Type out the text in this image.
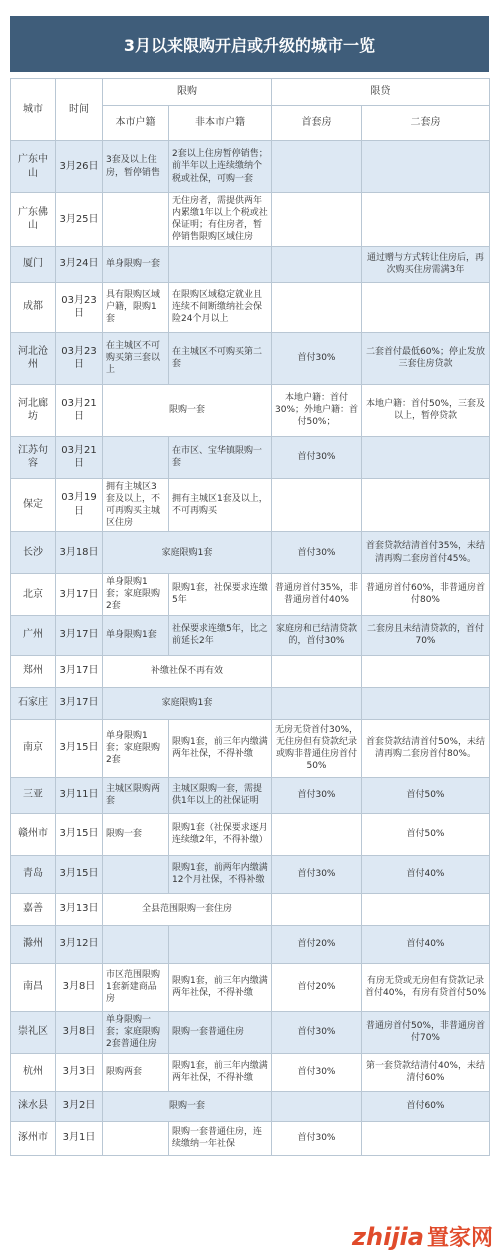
3月以来限购开启或升级的城市一览
城市	时间	限购		限贷	
		本市户籍	非本市户籍	首套房	二套房
广东中山	3月26日	3套及以上住房，暂停销售	2套以上住房暂停销售；前半年以上连续缴纳个税或社保，可购一套		
广东佛山	3月25日		无住房者，需提供两年内累缴1年以上个税或社保证明；有住房者，暂停销售限购区域住房		
厦门	3月24日	单身限购一套			通过赠与方式转让住房后，再次购买住房需满3年
成都	03月23日	具有限购区域户籍，限购1套	在限购区域稳定就业且连续不间断缴纳社会保险24个月以上		
河北沧州	03月23日	在主城区不可购买第三套以上	在主城区不可购买第二套	首付30%	二套首付最低60%；停止发放三套住房贷款
河北廊坊	03月21日	限购一套		本地户籍：首付30%；外地户籍：首付50%；	本地户籍：首付50%，三套及以上，暂停贷款
江苏句容	03月21日		在市区、宝华镇限购一套	首付30%	
保定	03月19日	拥有主城区3套及以上，不可再购买主城区住房	拥有主城区1套及以上，不可再购买		
长沙	3月18日	家庭限购1套		首付30%	首套贷款结清首付35%，未结清再购二套房首付45%。
北京	3月17日	单身限购1套；家庭限购2套	限购1套，社保要求连缴5年	普通房首付35%，非普通房首付40%	普通房首付60%，非普通房首付80%
广州	3月17日	单身限购1套	社保要求连缴5年，比之前延长2年	家庭房和已结清贷款的，首付30%	二套房且未结清贷款的，首付70%
郑州	3月17日	补缴社保不再有效			
石家庄	3月17日	家庭限购1套			
南京	3月15日	单身限购1套；家庭限购2套	限购1套，前三年内缴满两年社保，不得补缴	无房无贷首付30%，无住房但有贷款纪录或购非普通住房首付50%	首套贷款结清首付50%，未结清再购二套房首付80%。
三亚	3月11日	主城区限购两套	主城区限购一套，需提供1年以上的社保证明	首付30%	首付50%
赣州市	3月15日	限购一套	限购1套（社保要求逐月连续缴2年，不得补缴）		首付50%
青岛	3月15日		限购1套，前两年内缴满12个月社保，不得补缴	首付30%	首付40%
嘉善	3月13日	全县范围限购一套住房			
滁州	3月12日			首付20%	首付40%
南昌	3月8日	市区范围限购1套新建商品房	限购1套，前三年内缴满两年社保，不得补缴	首付20%	有房无贷或无房但有贷款记录首付40%，有房有贷首付50%
崇礼区	3月8日	单身限购一套；家庭限购2套普通住房	限购一套普通住房	首付30%	普通房首付50%，非普通房首付70%
杭州	3月3日	限购两套	限购1套，前三年内缴满两年社保，不得补缴	首付30%	第一套贷款结清付40%，未结清付60%
涞水县	3月2日	限购一套			首付60%
涿州市	3月1日		限购一套普通住房，连续缴纳一年社保	首付30%	
zhijia 置家网
